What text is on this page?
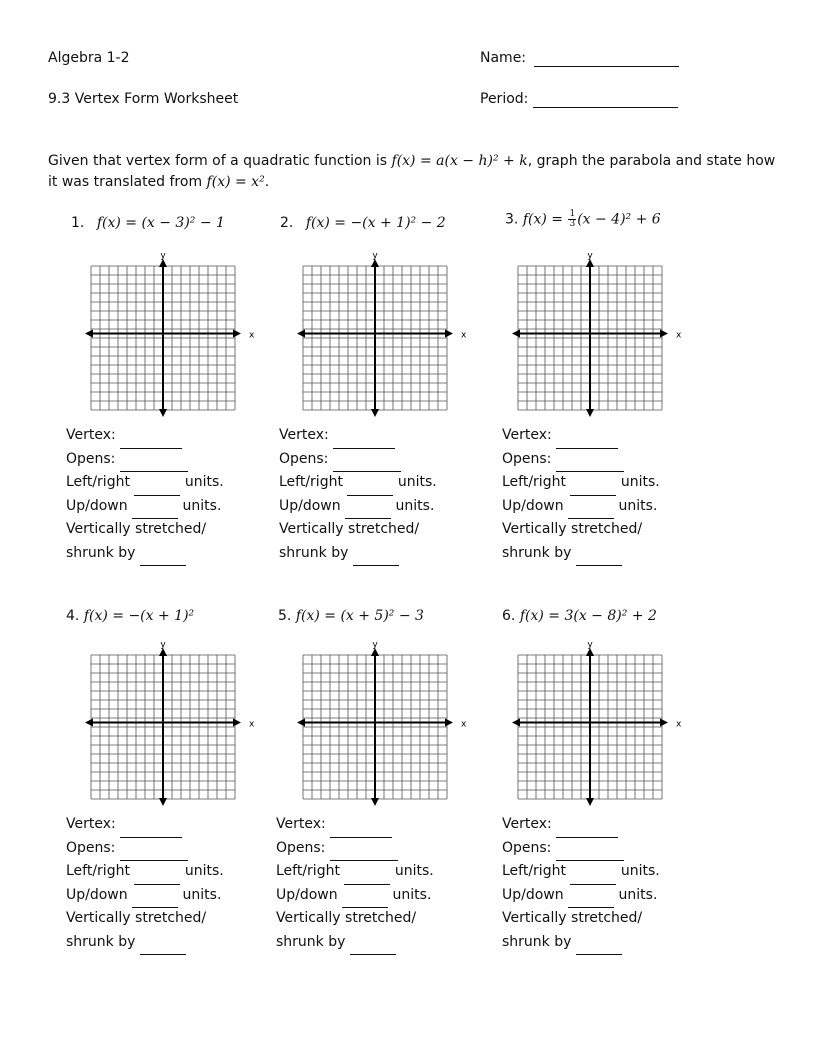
Algebra 1-2
9.3 Vertex Form Worksheet
Name:
Period:
Given that vertex form of a quadratic function is f(x) = a(x − h)² + k, graph the parabola and state how
it was translated from f(x) = x².
1. f(x) = (x − 3)² − 1	2. f(x) = −(x + 1)² − 2	3. $f(x) = \frac{1}{3} (x - 4)^2 + 6$
4. f(x) = −(x + 1)²	5. f(x) = (x + 5)² − 3	6. f(x) = 3(x − 8)² + 2
x
y
x
y
x
y
x
y
x
y
x
y
Vertex:
Opens:
Left/right	units.
Up/down	units.
Vertically stretched/
shrunk by
Vertex:
Opens:
Left/right	units.
Up/down	units.
Vertically stretched/
shrunk by
Vertex:
Opens:
Left/right	units.
Up/down	units.
Vertically stretched/
shrunk by
Vertex:
Opens:
Left/right	units.
Up/down	units.
Vertically stretched/
shrunk by
Vertex:
Opens:
Left/right	units.
Up/down	units.
Vertically stretched/
shrunk by
Vertex:
Opens:
Left/right	units.
Up/down	units.
Vertically stretched/
shrunk by
